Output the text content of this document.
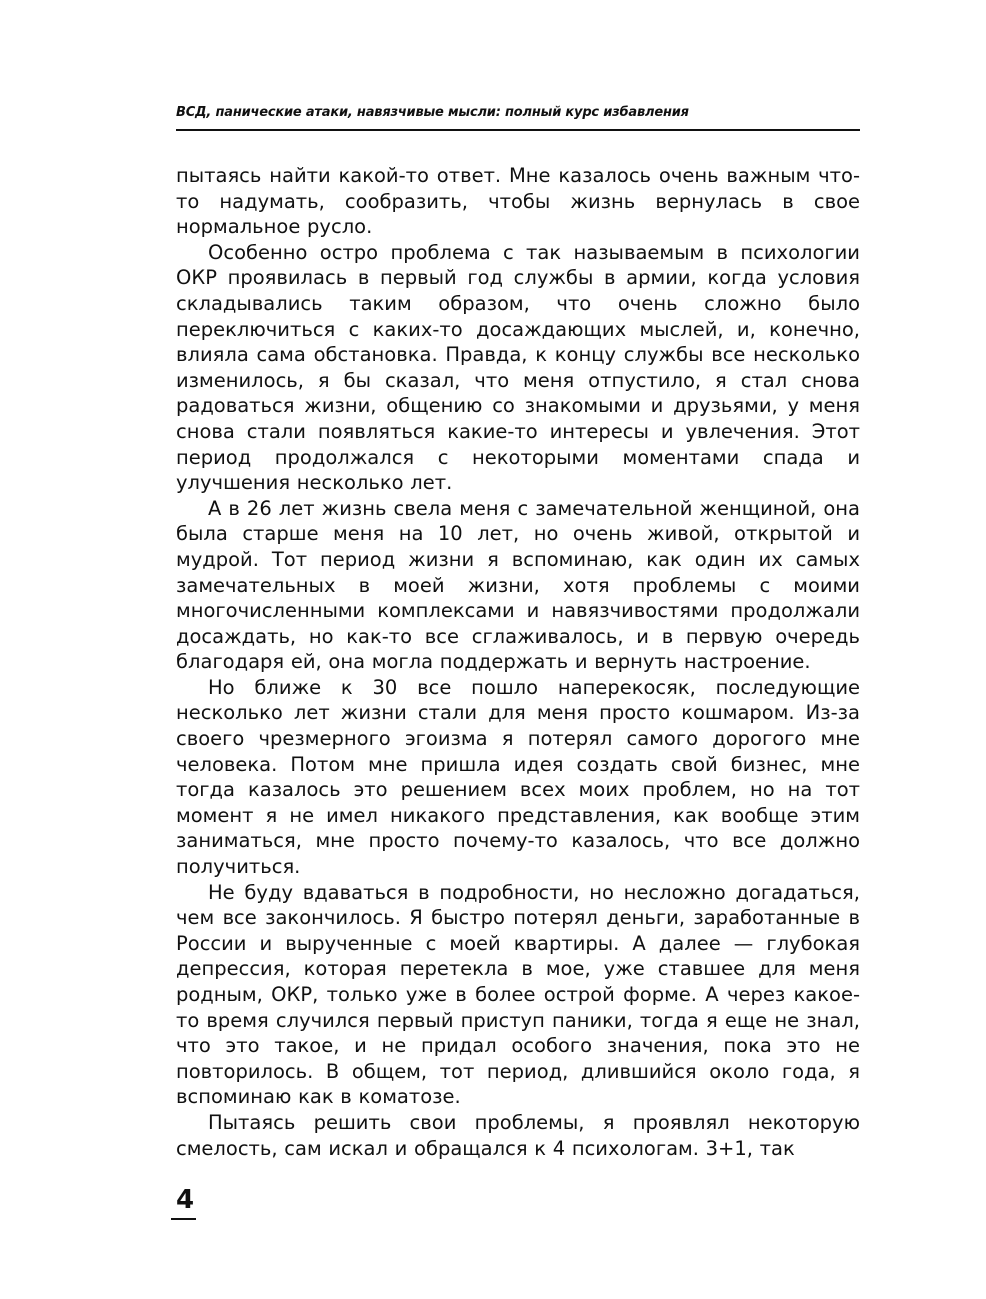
ВСД, панические атаки, навязчивые мысли: полный курс избавления

пытаясь найти какой-то ответ. Мне казалось очень важным что-то надумать, сообразить, чтобы жизнь вернулась в свое нормальное русло.

Особенно остро проблема с так называемым в психологии ОКР проявилась в первый год службы в армии, когда условия складывались таким образом, что очень сложно было переключиться с каких-то досаждающих мыслей, и, конечно, влияла сама обстановка. Правда, к концу службы все несколько изменилось, я бы сказал, что меня отпустило, я стал снова радоваться жизни, общению со знакомыми и друзьями, у меня снова стали появляться какие-то интересы и увлечения. Этот период продолжался с некоторыми моментами спада и улучшения несколько лет.

А в 26 лет жизнь свела меня с замечательной женщиной, она была старше меня на 10 лет, но очень живой, открытой и мудрой. Тот период жизни я вспоминаю, как один их самых замечательных в моей жизни, хотя проблемы с моими многочисленными комплексами и навязчивостями продолжали досаждать, но как-то все сглаживалось, и в первую очередь благодаря ей, она могла поддержать и вернуть настроение.

Но ближе к 30 все пошло наперекосяк, последующие несколько лет жизни стали для меня просто кошмаром. Из-за своего чрезмерного эгоизма я потерял самого дорогого мне человека. Потом мне пришла идея создать свой бизнес, мне тогда казалось это решением всех моих проблем, но на тот момент я не имел никакого представления, как вообще этим заниматься, мне просто почему-то казалось, что все должно получиться.

Не буду вдаваться в подробности, но несложно догадаться, чем все закончилось. Я быстро потерял деньги, заработанные в России и вырученные с моей квартиры. А далее — глубокая депрессия, которая перетекла в мое, уже ставшее для меня родным, ОКР, только уже в более острой форме. А через какое-то время случился первый приступ паники, тогда я еще не знал, что это такое, и не придал особого значения, пока это не повторилось. В общем, тот период, длившийся около года, я вспоминаю как в коматозе.

Пытаясь решить свои проблемы, я проявлял некоторую смелость, сам искал и обращался к 4 психологам. 3+1, так

4
